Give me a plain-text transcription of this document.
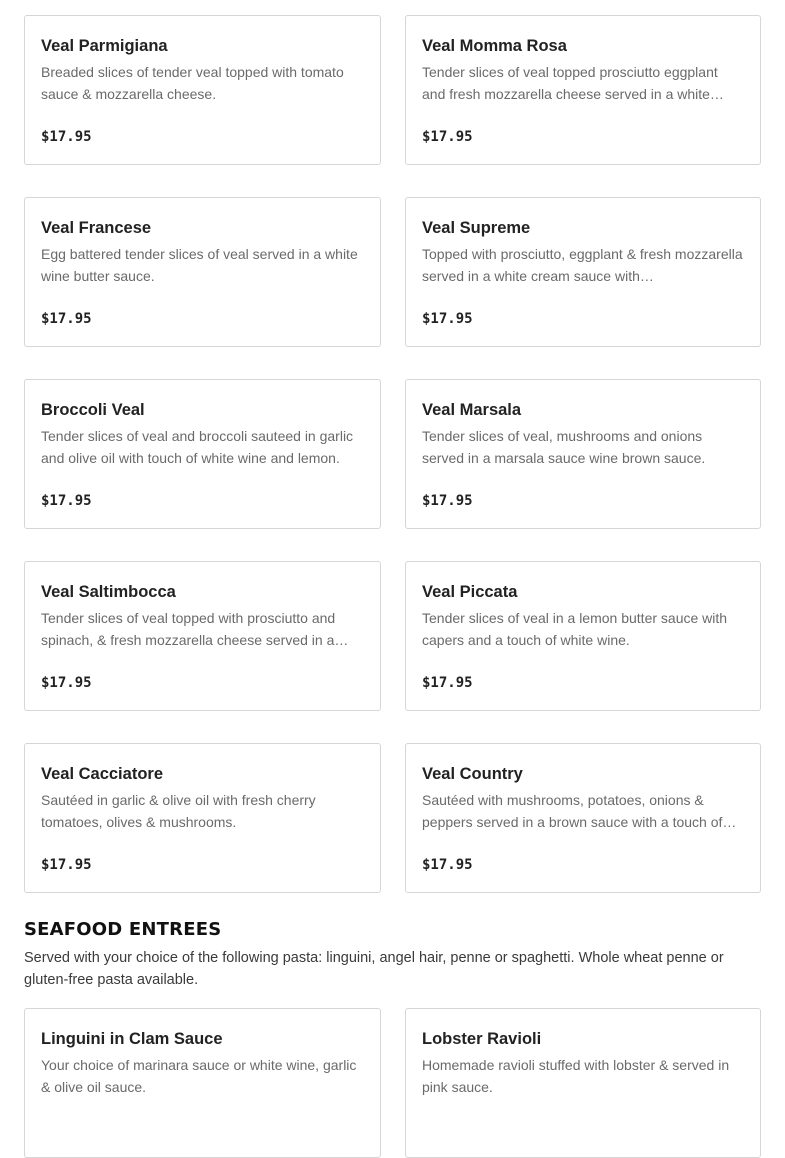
Veal Parmigiana
Breaded slices of tender veal topped with tomato sauce & mozzarella cheese.
$17.95
Veal Momma Rosa
Tender slices of veal topped prosciutto eggplant and fresh mozzarella cheese served in a white…
$17.95
Veal Francese
Egg battered tender slices of veal served in a white wine butter sauce.
$17.95
Veal Supreme
Topped with prosciutto, eggplant & fresh mozzarella served in a white cream sauce with…
$17.95
Broccoli Veal
Tender slices of veal and broccoli sauteed in garlic and olive oil with touch of white wine and lemon.
$17.95
Veal Marsala
Tender slices of veal, mushrooms and onions served in a marsala sauce wine brown sauce.
$17.95
Veal Saltimbocca
Tender slices of veal topped with prosciutto and spinach, & fresh mozzarella cheese served in a…
$17.95
Veal Piccata
Tender slices of veal in a lemon butter sauce with capers and a touch of white wine.
$17.95
Veal Cacciatore
Sautéed in garlic & olive oil with fresh cherry tomatoes, olives & mushrooms.
$17.95
Veal Country
Sautéed with mushrooms, potatoes, onions & peppers served in a brown sauce with a touch of…
$17.95
SEAFOOD ENTREES

Served with your choice of the following pasta: linguini, angel hair, penne or spaghetti. Whole wheat penne or gluten-free pasta available.

Linguini in Clam Sauce
Your choice of marinara sauce or white wine, garlic & olive oil sauce.
Lobster Ravioli
Homemade ravioli stuffed with lobster & served in pink sauce.
